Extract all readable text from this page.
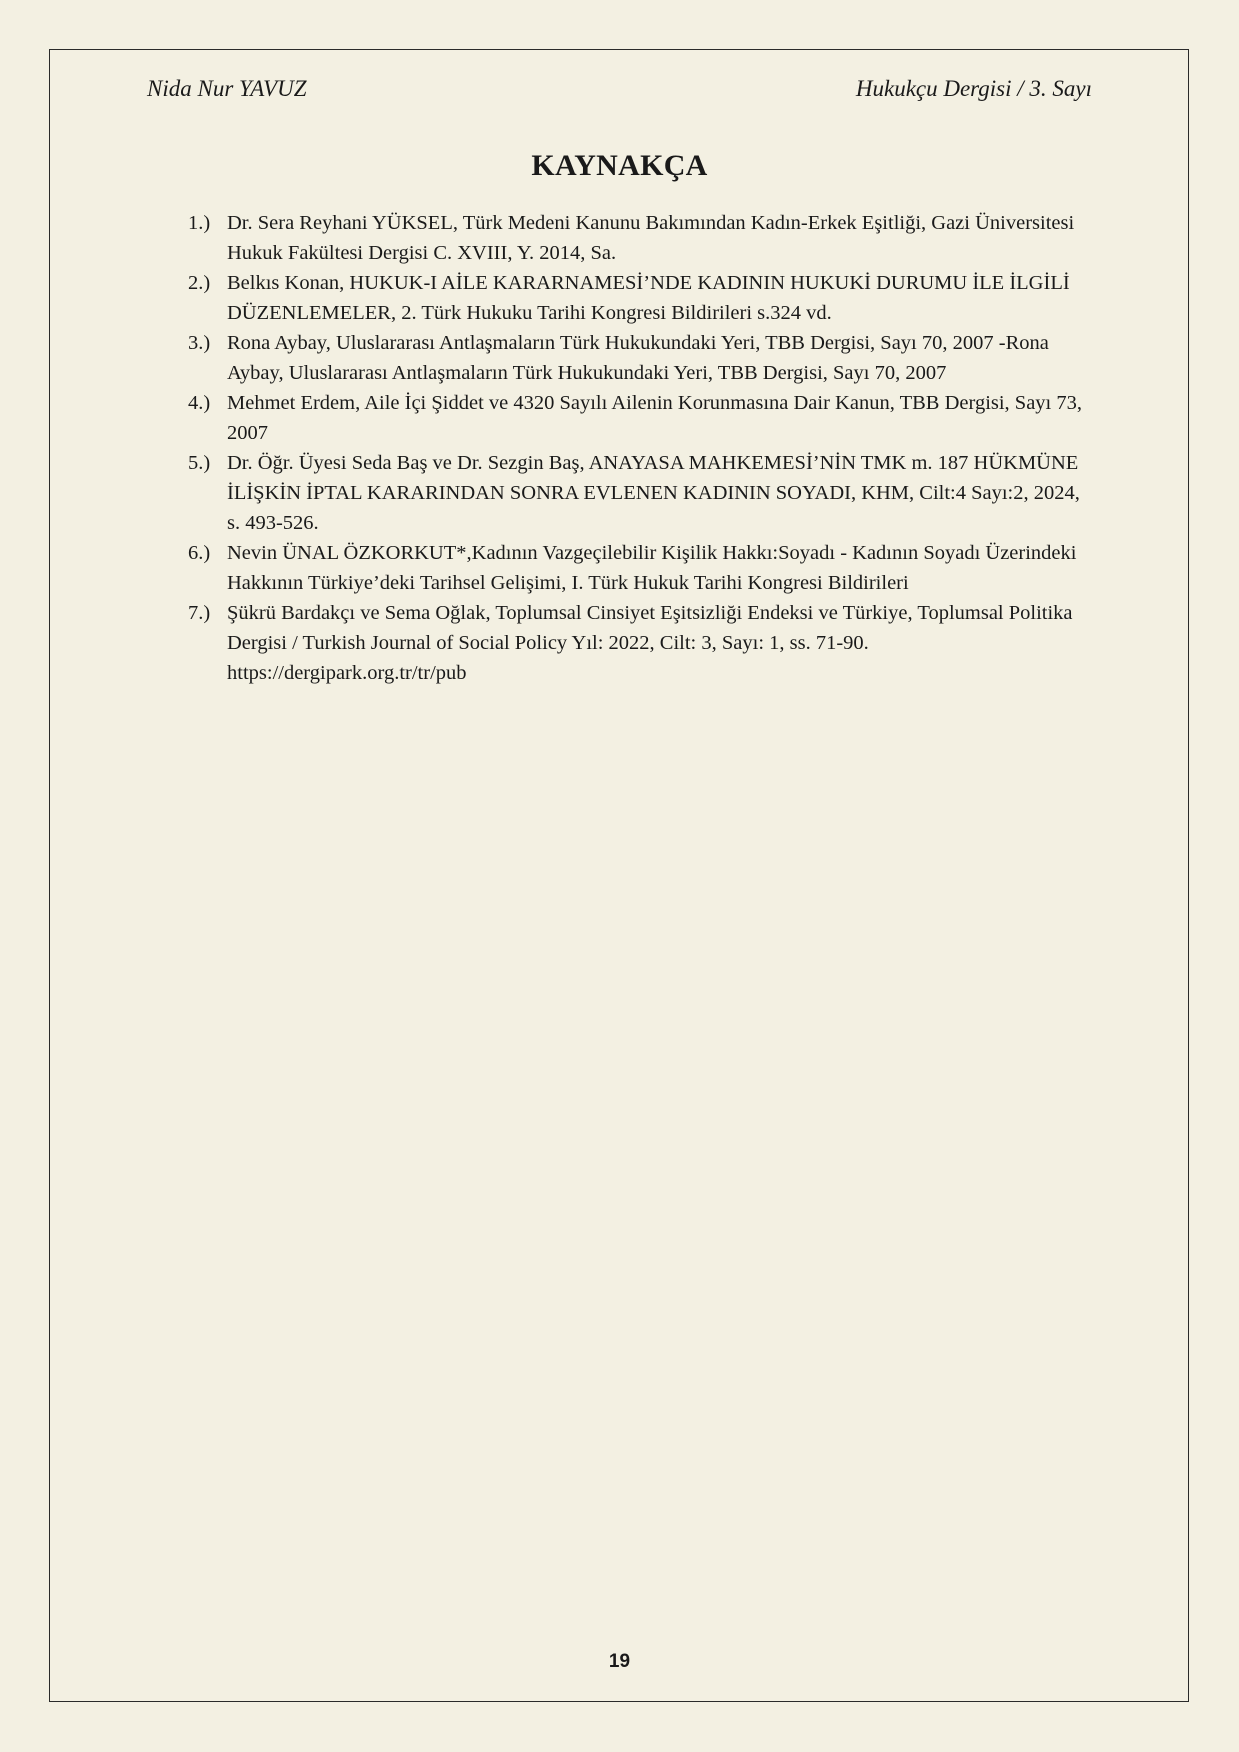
Nida Nur YAVUZ	Hukukçu Dergisi / 3. Sayı
KAYNAKÇA
1.) Dr. Sera Reyhani YÜKSEL, Türk Medeni Kanunu Bakımından Kadın-Erkek Eşitliği, Gazi Üniversitesi Hukuk Fakültesi Dergisi C. XVIII, Y. 2014, Sa.
2.) Belkıs Konan, HUKUK-I AİLE KARARNAMESİ’NDE KADININ HUKUKİ DURUMU İLE İLGİLİ DÜZENLEMELER, 2. Türk Hukuku Tarihi Kongresi Bildirileri s.324 vd.
3.) Rona Aybay, Uluslararası Antlaşmaların Türk Hukukundaki Yeri, TBB Dergisi, Sayı 70, 2007 -Rona Aybay, Uluslararası Antlaşmaların Türk Hukukundaki Yeri, TBB Dergisi, Sayı 70, 2007
4.) Mehmet Erdem, Aile İçi Şiddet ve 4320 Sayılı Ailenin Korunmasına Dair Kanun, TBB Dergisi, Sayı 73, 2007
5.) Dr. Öğr. Üyesi Seda Baş ve Dr. Sezgin Baş, ANAYASA MAHKEMESİ’NİN TMK m. 187 HÜKMÜNE İLİŞKİN İPTAL KARARINDAN SONRA EVLENEN KADININ SOYADI, KHM, Cilt:4 Sayı:2, 2024, s. 493-526.
6.) Nevin ÜNAL ÖZKORKUT*,Kadının Vazgeçilebilir Kişilik Hakkı:Soyadı - Kadının Soyadı Üzerindeki Hakkının Türkiye’deki Tarihsel Gelişimi, I. Türk Hukuk Tarihi Kongresi Bildirileri
7.) Şükrü Bardakçı ve Sema Oğlak, Toplumsal Cinsiyet Eşitsizliği Endeksi ve Türkiye, Toplumsal Politika Dergisi / Turkish Journal of Social Policy Yıl: 2022, Cilt: 3, Sayı: 1, ss. 71-90. https://dergipark.org.tr/tr/pub
19
